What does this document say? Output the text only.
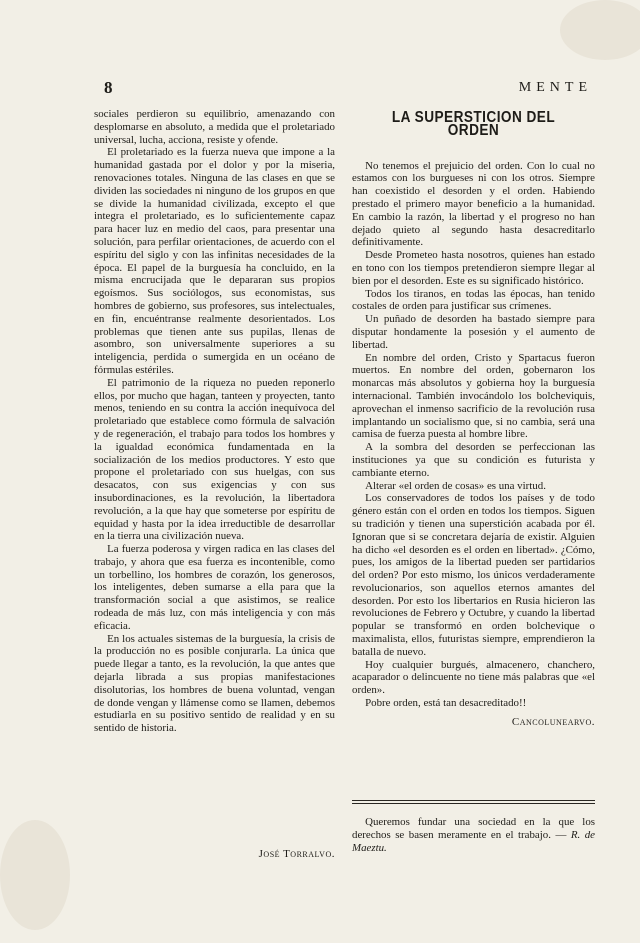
8	MENTE

sociales perdieron su equilibrio, amenazando con desplomarse en absoluto, a medida que el proletariado universal, lucha, acciona, resiste y ofende.

El proletariado es la fuerza nueva que impone a la humanidad gastada por el dolor y por la miseria, renovaciones totales. Ninguna de las clases en que se dividen las sociedades ni ninguno de los grupos en que se divide la humanidad civilizada, excepto el que integra el proletariado, es lo suficientemente capaz para hacer luz en medio del caos, para presentar una solución, para perfilar orientaciones, de acuerdo con el espíritu del siglo y con las infinitas necesidades de la época. El papel de la burguesía ha concluido, en la misma encrucijada que le depararan sus propios egoísmos. Sus sociólogos, sus economistas, sus hombres de gobierno, sus profesores, sus intelectuales, en fin, encuéntranse realmente desorientados. Los problemas que tienen ante sus pupilas, llenas de asombro, son universalmente superiores a su inteligencia, perdida o sumergida en un océano de fórmulas estériles.

El patrimonio de la riqueza no pueden reponerlo ellos, por mucho que hagan, tanteen y proyecten, tanto menos, teniendo en su contra la acción inequívoca del proletariado que establece como fórmula de salvación y de regeneración, el trabajo para todos los hombres y la igualdad económica fundamentada en la socialización de los medios productores. Y esto que propone el proletariado con sus huelgas, con sus desacatos, con sus exigencias y con sus insubordinaciones, es la revolución, la libertadora revolución, a la que hay que someterse por espíritu de equidad y hasta por la idea irreductible de desarrollar en la tierra una civilización nueva.

La fuerza poderosa y virgen radica en las clases del trabajo, y ahora que esa fuerza es incontenible, como un torbellino, los hombres de corazón, los generosos, los inteligentes, deben sumarse a ella para que la transformación social a que asistimos, se realice rodeada de más luz, con más inteligencia y con más eficacia.

En los actuales sistemas de la burguesía, la crisis de la producción no es posible conjurarla. La única que puede llegar a tanto, es la revolución, la que antes que dejarla librada a sus propias manifestaciones disolutorias, los hombres de buena voluntad, vengan de donde vengan y llámense como se llamen, debemos estudiarla en su positivo sentido de realidad y en su sentido de historia.

José Torralvo.
LA SUPERSTICION DEL ORDEN

No tenemos el prejuicio del orden. Con lo cual no estamos con los burgueses ni con los otros. Siempre han coexistido el desorden y el orden. Habiendo prestado el primero mayor beneficio a la humanidad. En cambio la razón, la libertad y el progreso no han dejado quieto al segundo hasta desacreditarlo definitivamente.

Desde Prometeo hasta nosotros, quienes han estado en tono con los tiempos pretendieron siempre llegar al bien por el desorden. Este es su significado histórico.

Todos los tiranos, en todas las épocas, han tenido costales de orden para justificar sus crímenes.

Un puñado de desorden ha bastado siempre para disputar hondamente la posesión y el aumento de libertad.

En nombre del orden, Cristo y Spartacus fueron muertos. En nombre del orden, gobernaron los monarcas más absolutos y gobierna hoy la burguesía internacional. También invocándolo los bolcheviquis, aprovechan el inmenso sacrificio de la revolución rusa implantando un socialismo que, si no cambia, será una camisa de fuerza puesta al hombre libre.

A la sombra del desorden se perfeccionan las instituciones ya que su condición es futurista y cambiante eterno.

Alterar «el orden de cosas» es una virtud.

Los conservadores de todos los países y de todo género están con el orden en todos los tiempos. Siguen su tradición y tienen una superstición acabada por él. Ignoran que si se concretara dejaría de existir. Alguien ha dicho «el desorden es el orden en libertad». ¿Cómo, pues, los amigos de la libertad pueden ser partidarios del orden? Por esto mismo, los únicos verdaderamente revolucionarios, son aquellos eternos amantes del desorden. Por esto los libertarios en Rusia hicieron las revoluciones de Febrero y Octubre, y cuando la libertad popular se transformó en orden bolchevique o maximalista, ellos, futuristas siempre, emprendieron la batalla de nuevo.

Hoy cualquier burgués, almacenero, chanchero, acaparador o delincuente no tiene más palabras que «el orden».

Pobre orden, está tan desacreditado!!

Cancolunearvo.

Queremos fundar una sociedad en la que los derechos se basen meramente en el trabajo. — R. de Maeztu.
